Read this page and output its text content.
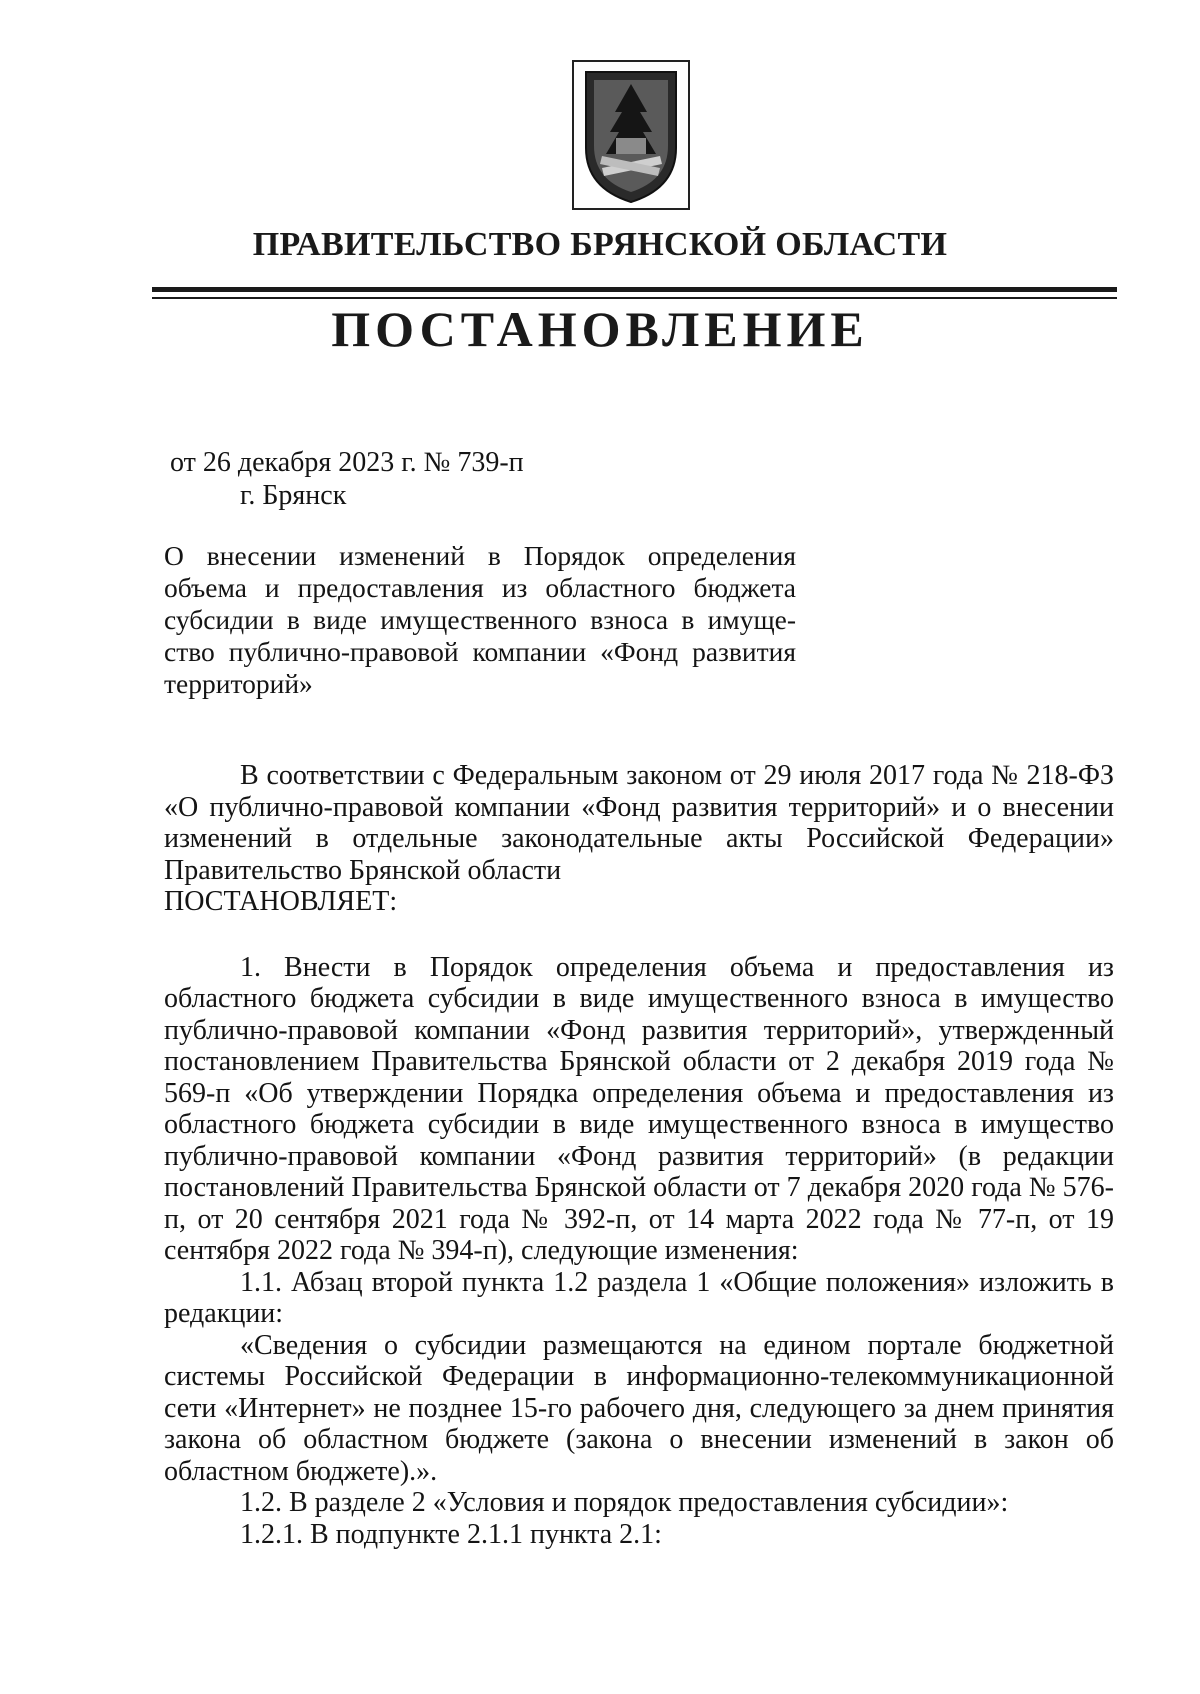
ПРАВИТЕЛЬСТВО БРЯНСКОЙ ОБЛАСТИ
ПОСТАНОВЛЕНИЕ
от 26 декабря 2023 г. № 739-п
г. Брянск
О внесении изменений в Порядок определения
объема и предоставления из областного бюджета
субсидии в виде имущественного взноса в имуще-
ство публично-правовой компании «Фонд развития
территорий»

В соответствии с Федеральным законом от 29 июля 2017 года № 218-ФЗ «О публично-правовой компании «Фонд развития территорий» и о внесении изменений в отдельные законодательные акты Российской Федерации» Правительство Брянской области

ПОСТАНОВЛЯЕТ:

1. Внести в Порядок определения объема и предоставления из областного бюджета субсидии в виде имущественного взноса в имущество публично-правовой компании «Фонд развития территорий», утвержденный постановлением Правительства Брянской области от 2 декабря 2019 года № 569-п «Об утверждении Порядка определения объема и предоставления из областного бюджета субсидии в виде имущественного взноса в имущество публично-правовой компании «Фонд развития территорий» (в редакции постановлений Правительства Брянской области от 7 декабря 2020 года № 576-п, от 20 сентября 2021 года № 392-п, от 14 марта 2022 года № 77-п, от 19 сентября 2022 года № 394-п), следующие изменения:

1.1. Абзац второй пункта 1.2 раздела 1 «Общие положения» изложить в редакции:

«Сведения о субсидии размещаются на едином портале бюджетной системы Российской Федерации в информационно-телекоммуникационной сети «Интернет» не позднее 15-го рабочего дня, следующего за днем принятия закона об областном бюджете (закона о внесении изменений в закон об областном бюджете).».

1.2. В разделе 2 «Условия и порядок предоставления субсидии»:

1.2.1. В подпункте 2.1.1 пункта 2.1:
